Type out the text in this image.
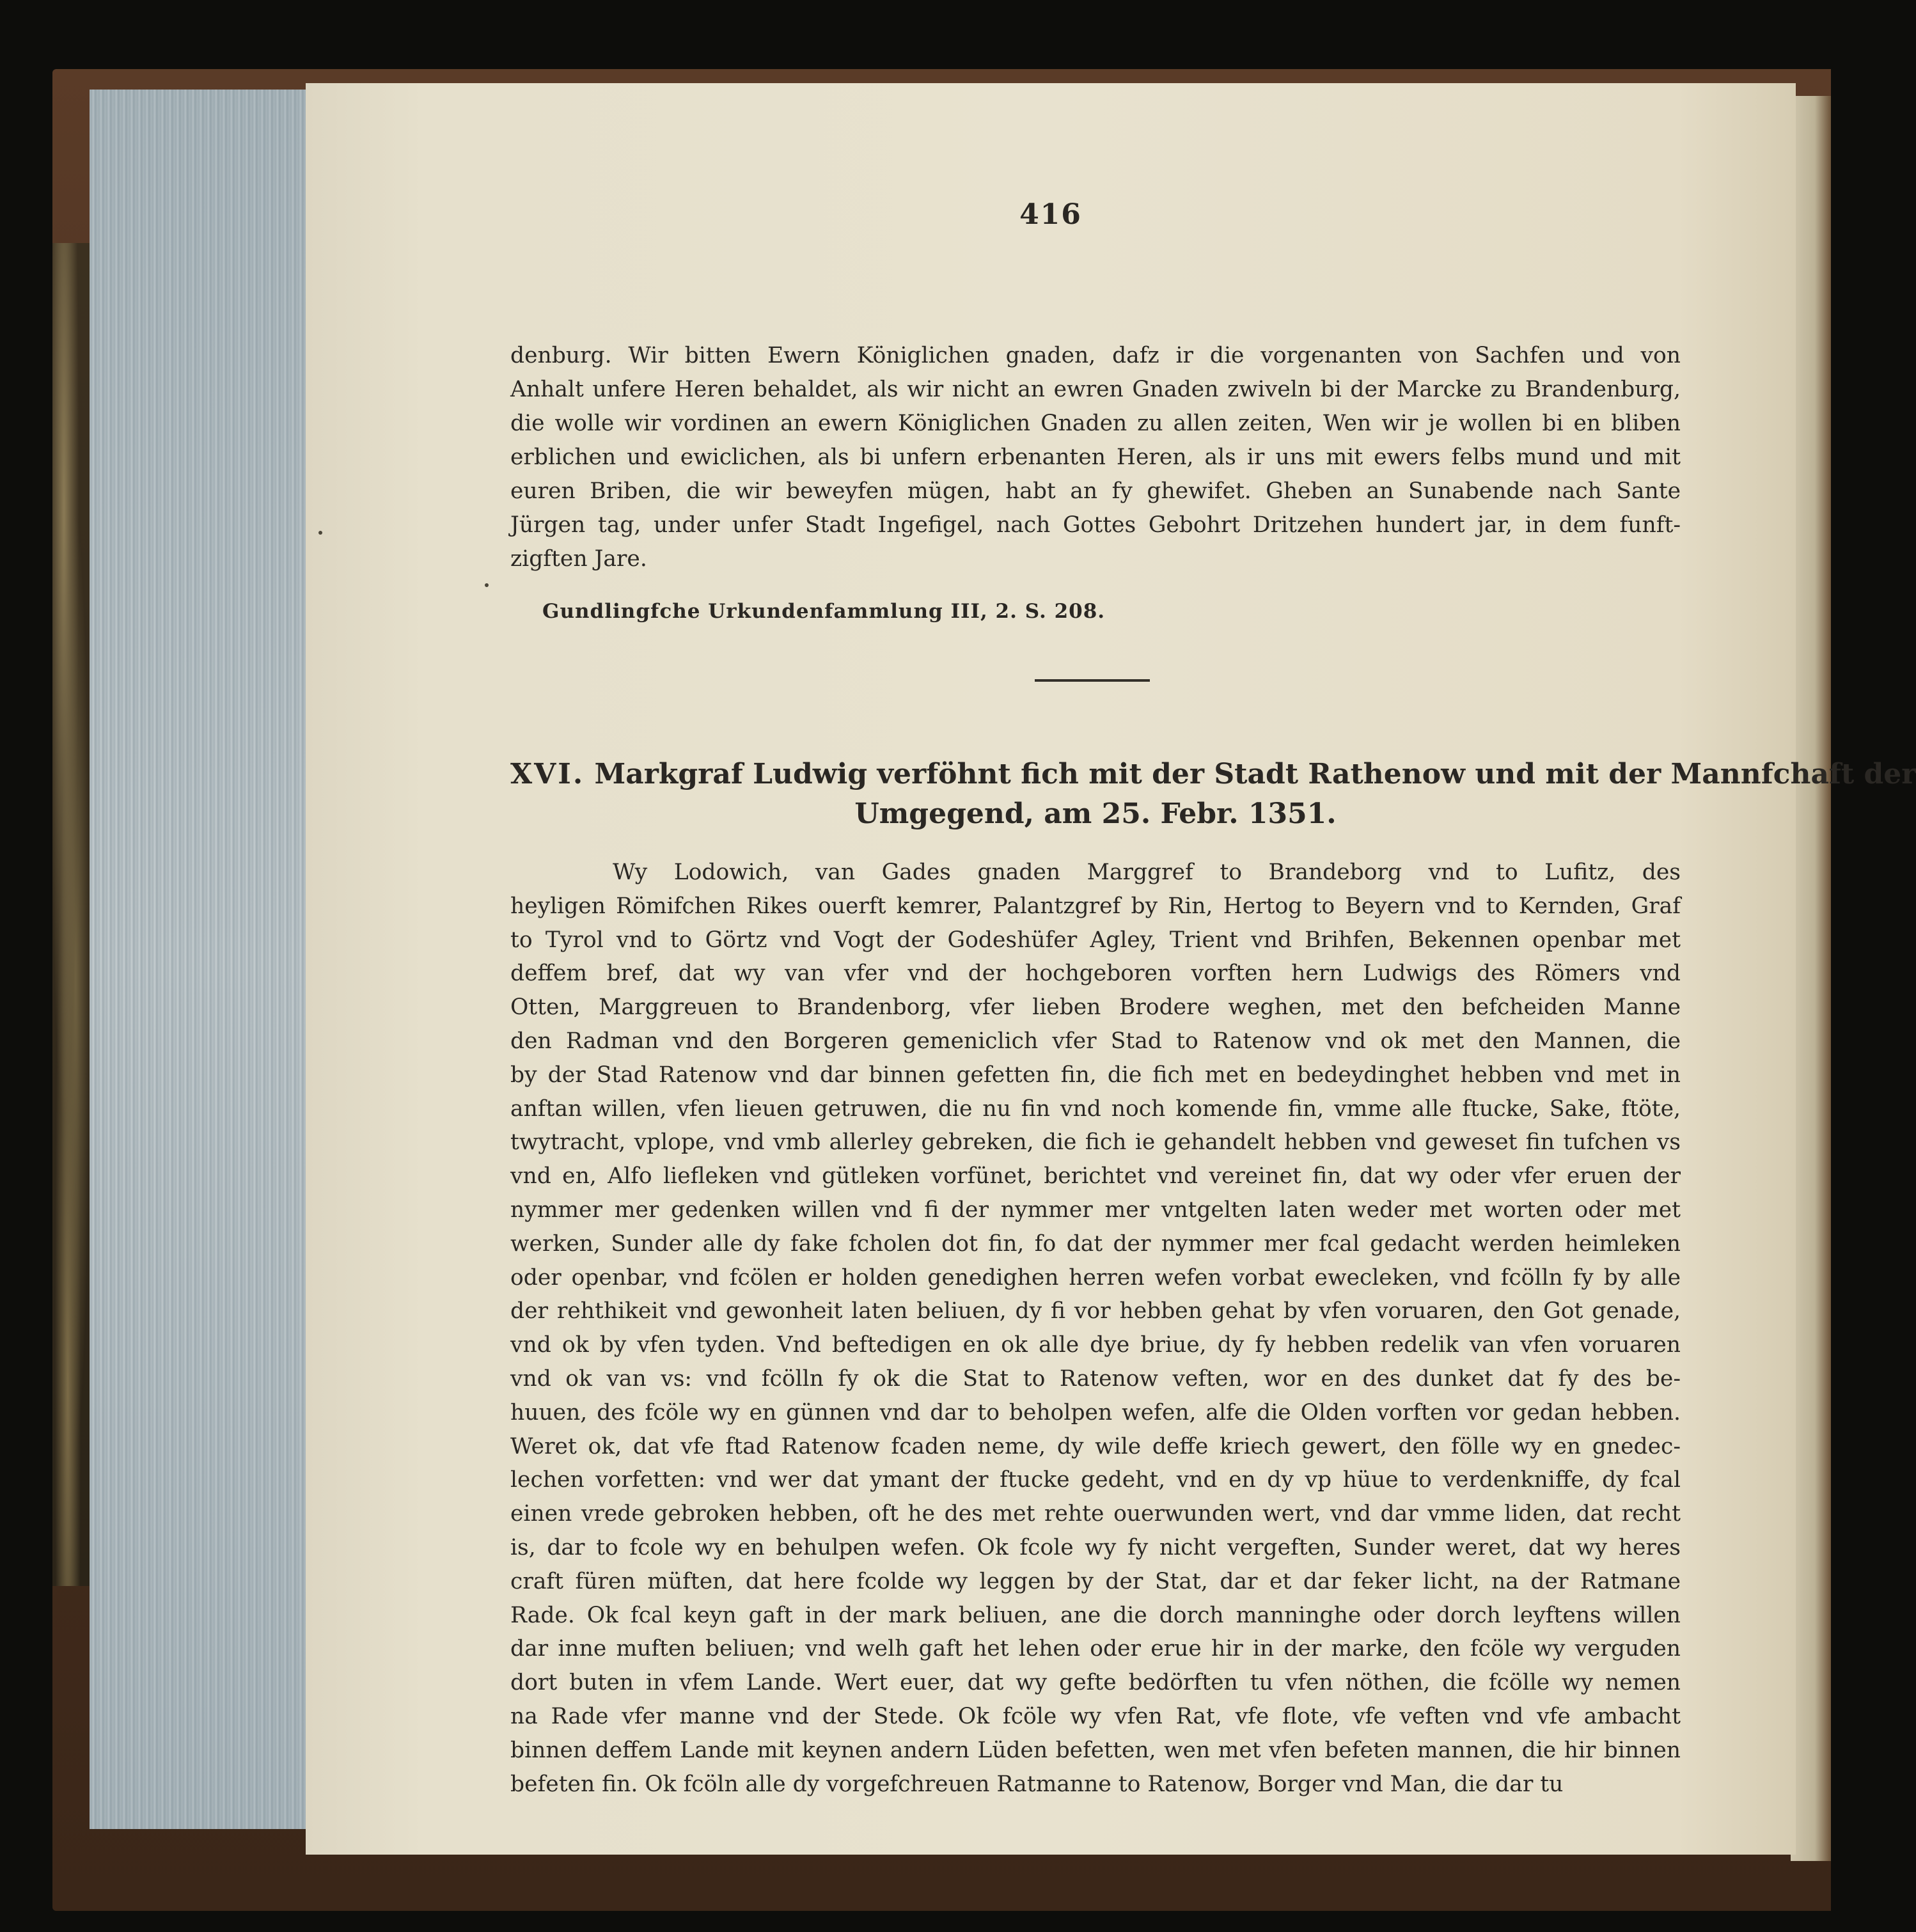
416
denburg. Wir bitten Ewern Königlichen gnaden, dafz ir die vorgenanten von Sachfen und von
Anhalt unfere Heren behaldet, als wir nicht an ewren Gnaden zwiveln bi der Marcke zu Brandenburg,
die wolle wir vordinen an ewern Königlichen Gnaden zu allen zeiten, Wen wir je wollen bi en bliben
erblichen und ewiclichen, als bi unfern erbenanten Heren, als ir uns mit ewers felbs mund und mit
euren Briben, die wir beweyfen mügen, habt an fy ghewifet. Gheben an Sunabende nach Sante
Jürgen tag, under unfer Stadt Ingefigel, nach Gottes Gebohrt Dritzehen hundert jar, in dem funft-
zigften Jare.
Gundlingfche Urkundenfammlung III, 2. S. 208.
XVI. Markgraf Ludwig verföhnt fich mit der Stadt Rathenow und mit der Mannfchaft der
Umgegend, am 25. Febr. 1351.
Wy Lodowich, van Gades gnaden Marggref to Brandeborg vnd to Lufitz, des
heyligen Römifchen Rikes ouerft kemrer, Palantzgref by Rin, Hertog to Beyern vnd to Kernden, Graf
to Tyrol vnd to Görtz vnd Vogt der Godeshüfer Agley, Trient vnd Brihfen, Bekennen openbar met
deffem bref, dat wy van vfer vnd der hochgeboren vorften hern Ludwigs des Römers vnd
Otten, Marggreuen to Brandenborg, vfer lieben Brodere weghen, met den befcheiden Manne
den Radman vnd den Borgeren gemeniclich vfer Stad to Ratenow vnd ok met den Mannen, die
by der Stad Ratenow vnd dar binnen gefetten fin, die fich met en bedeydinghet hebben vnd met in
anftan willen, vfen lieuen getruwen, die nu fin vnd noch komende fin, vmme alle ftucke, Sake, ftöte,
twytracht, vplope, vnd vmb allerley gebreken, die fich ie gehandelt hebben vnd geweset fin tufchen vs
vnd en, Alfo liefleken vnd gütleken vorfünet, berichtet vnd vereinet fin, dat wy oder vfer eruen der
nymmer mer gedenken willen vnd fi der nymmer mer vntgelten laten weder met worten oder met
werken, Sunder alle dy fake fcholen dot fin, fo dat der nymmer mer fcal gedacht werden heimleken
oder openbar, vnd fcölen er holden genedighen herren wefen vorbat ewecleken, vnd fcölln fy by alle
der rehthikeit vnd gewonheit laten beliuen, dy fi vor hebben gehat by vfen voruaren, den Got genade,
vnd ok by vfen tyden. Vnd beftedigen en ok alle dye briue, dy fy hebben redelik van vfen voruaren
vnd ok van vs: vnd fcölln fy ok die Stat to Ratenow veften, wor en des dunket dat fy des be-
huuen, des fcöle wy en günnen vnd dar to beholpen wefen, alfe die Olden vorften vor gedan hebben.
Weret ok, dat vfe ftad Ratenow fcaden neme, dy wile deffe kriech gewert, den fölle wy en gnedec-
lechen vorfetten: vnd wer dat ymant der ftucke gedeht, vnd en dy vp hüue to verdenkniffe, dy fcal
einen vrede gebroken hebben, oft he des met rehte ouerwunden wert, vnd dar vmme liden, dat recht
is, dar to fcole wy en behulpen wefen. Ok fcole wy fy nicht vergeften, Sunder weret, dat wy heres
craft füren müften, dat here fcolde wy leggen by der Stat, dar et dar feker licht, na der Ratmane
Rade. Ok fcal keyn gaft in der mark beliuen, ane die dorch manninghe oder dorch leyftens willen
dar inne muften beliuen; vnd welh gaft het lehen oder erue hir in der marke, den fcöle wy verguden
dort buten in vfem Lande. Wert euer, dat wy gefte bedörften tu vfen nöthen, die fcölle wy nemen
na Rade vfer manne vnd der Stede. Ok fcöle wy vfen Rat, vfe flote, vfe veften vnd vfe ambacht
binnen deffem Lande mit keynen andern Lüden befetten, wen met vfen befeten mannen, die hir binnen
befeten fin. Ok fcöln alle dy vorgefchreuen Ratmanne to Ratenow, Borger vnd Man, die dar tu
